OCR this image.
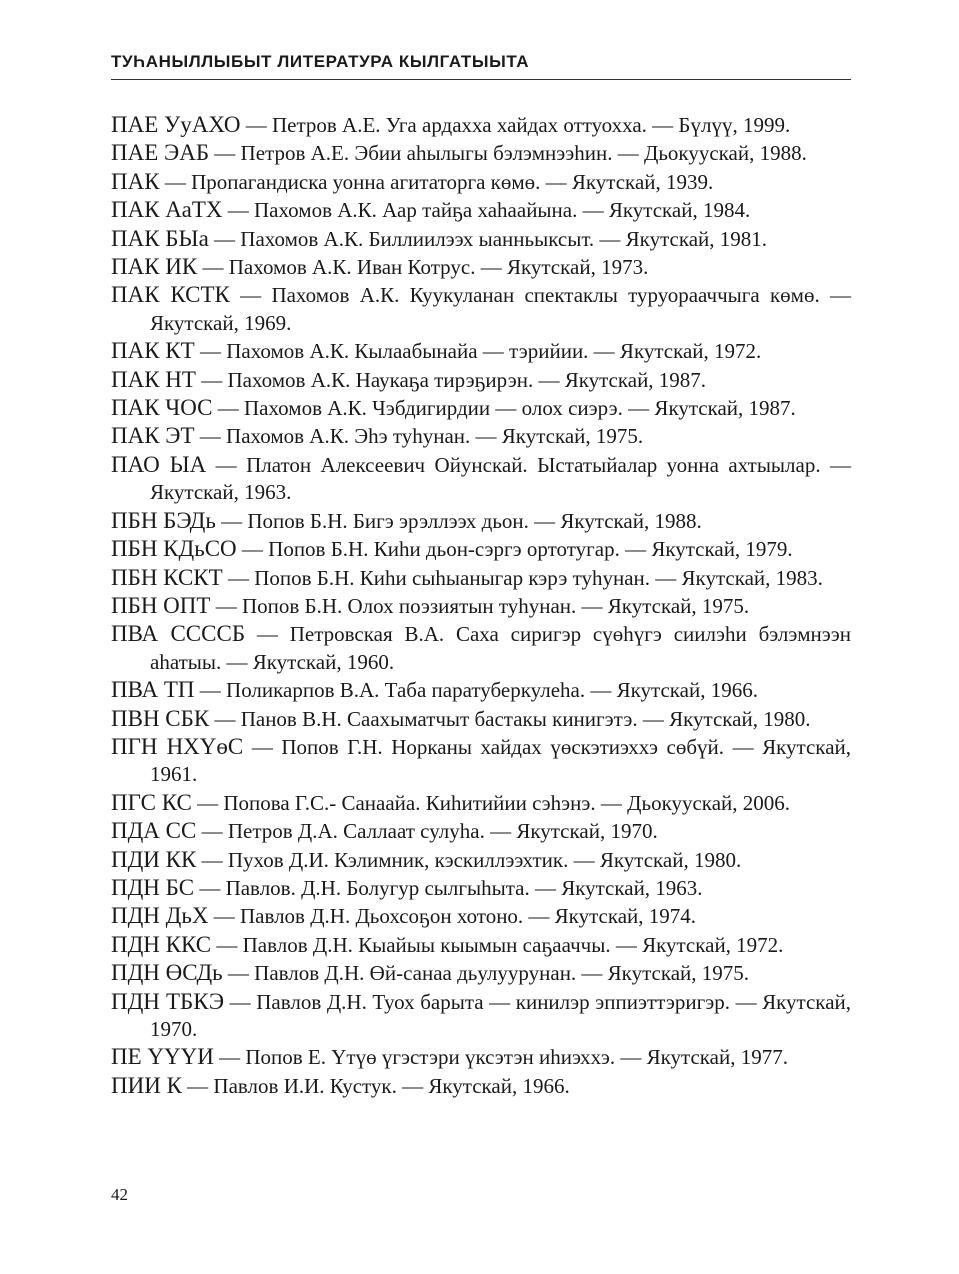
ТУҺАНЫЛЛЫБЫТ ЛИТЕРАТУРА КЫЛГАТЫЫТА
ПАЕ УуАХО — Петров А.Е. Уга ардахха хайдах оттуохха. — Бүлүү, 1999.
ПАЕ ЭАБ — Петров А.Е. Эбии аһылыгы бэлэмнээһин. — Дьокуускай, 1988.
ПАК — Пропагандиска уонна агитаторга көмө. — Якутскай, 1939.
ПАК АаТХ — Пахомов А.К. Аар тайҕа хаһаайына. — Якутскай, 1984.
ПАК БЫа — Пахомов А.К. Биллиилээх ыанньыксыт. — Якутскай, 1981.
ПАК ИК — Пахомов А.К. Иван Котрус. — Якутскай, 1973.
ПАК КСТК — Пахомов А.К. Куукуланан спектаклы туруорааччыга көмө. — Якутскай, 1969.
ПАК КТ — Пахомов А.К. Кылаабынайа — тэрийии. — Якутскай, 1972.
ПАК НТ — Пахомов А.К. Наукаҕа тирэҕирэн. — Якутскай, 1987.
ПАК ЧОС — Пахомов А.К. Чэбдигирдии — олох сиэрэ. — Якутскай, 1987.
ПАК ЭТ — Пахомов А.К. Эһэ туһунан. — Якутскай, 1975.
ПАО ЫА — Платон Алексеевич Ойунскай. Ыстатыйалар уонна ахтыылар. — Якутскай, 1963.
ПБН БЭДь — Попов Б.Н. Бигэ эрэллээх дьон. — Якутскай, 1988.
ПБН КДьСО — Попов Б.Н. Киһи дьон-сэргэ ортотугар. — Якутскай, 1979.
ПБН КСКТ — Попов Б.Н. Киһи сыһыаныгар кэрэ туһунан. — Якутскай, 1983.
ПБН ОПТ — Попов Б.Н. Олох поэзиятын туһунан. — Якутскай, 1975.
ПВА СССCБ — Петровская В.А. Саха сиригэр сүөһүгэ сиилэһи бэлэмнээн аһатыы. — Якутскай, 1960.
ПВА ТП — Поликарпов В.А. Таба паратуберкулеһа. — Якутскай, 1966.
ПВН СБК — Панов В.Н. Саахыматчыт бастакы кинигэтэ. — Якутскай, 1980.
ПГН НХҮөС — Попов Г.Н. Норканы хайдах үөскэтиэххэ сөбүй. — Якутскай, 1961.
ПГС КС — Попова Г.С.- Санаайа. Киһитийии сэһэнэ. — Дьокуускай, 2006.
ПДА СС — Петров Д.А. Саллаат сулуһа. — Якутскай, 1970.
ПДИ КК — Пухов Д.И. Кэлимник, кэскиллээхтик. — Якутскай, 1980.
ПДН БС — Павлов. Д.Н. Болугур сылгыһыта. — Якутскай, 1963.
ПДН ДьХ — Павлов Д.Н. Дьохсоҕон хотоно. — Якутскай, 1974.
ПДН ККС — Павлов Д.Н. Кыайыы кыымын саҕааччы. — Якутскай, 1972.
ПДН ӨСДь — Павлов Д.Н. Өй-санаа дьулуурунан. — Якутскай, 1975.
ПДН ТБКЭ — Павлов Д.Н. Туох барыта — кинилэр эппиэттэригэр. — Якутскай, 1970.
ПЕ ҮҮҮИ — Попов Е. Үтүө үгэстэри үксэтэн иһиэххэ. — Якутскай, 1977.
ПИИ К — Павлов И.И. Кустук. — Якутскай, 1966.
42
